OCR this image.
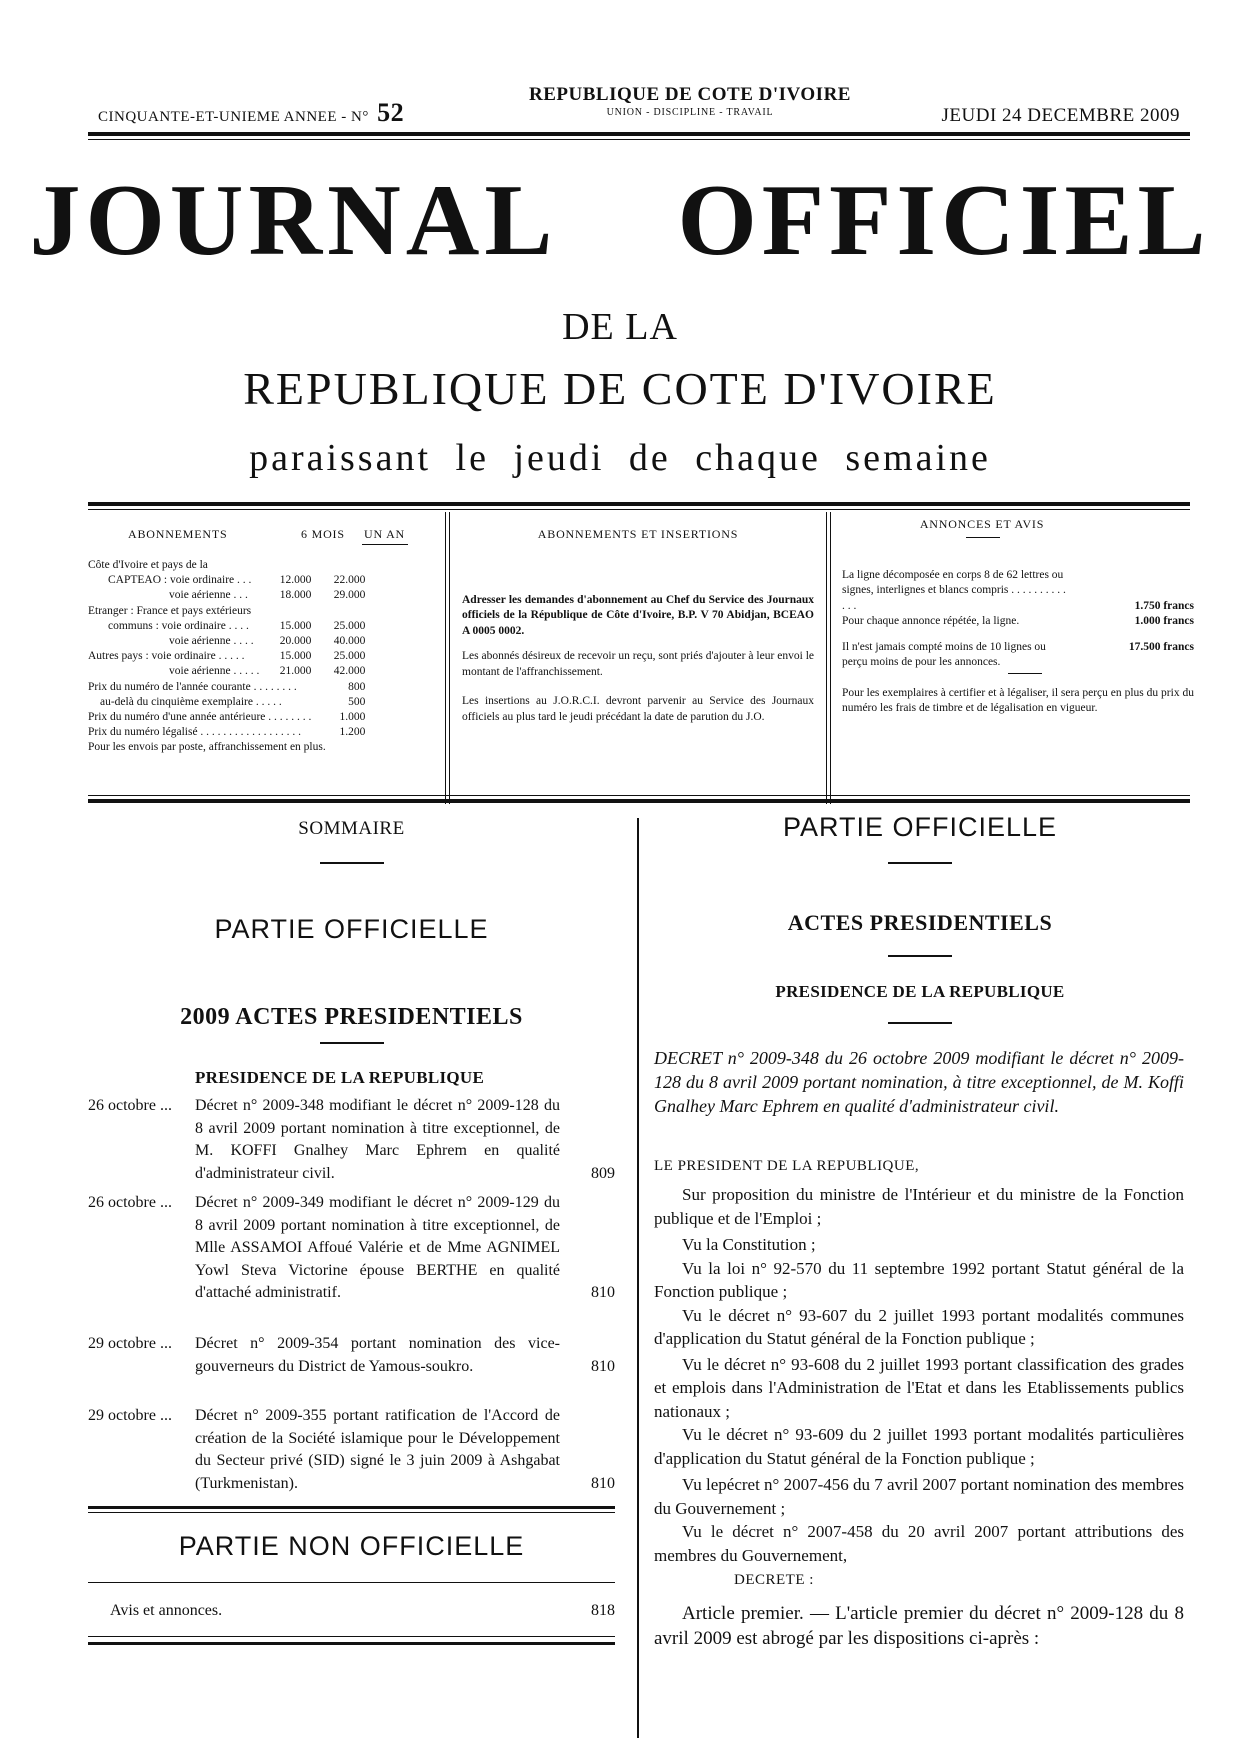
CINQUANTE-ET-UNIEME ANNEE - N° 52
REPUBLIQUE DE COTE D'IVOIRE
UNION - DISCIPLINE - TRAVAIL	JEUDI 24 DECEMBRE 2009
JOURNAL OFFICIEL
DE LA
REPUBLIQUE DE COTE D'IVOIRE
paraissant le jeudi de chaque semaine
ABONNEMENTS	6 MOIS UN AN
Côte d'Ivoire et pays de la		
CAPTEAO : voie ordinaire . . .	12.000	22.000
voie aérienne . . .	18.000	29.000
Etranger : France et pays extérieurs		
communs : voie ordinaire . . . .	15.000	25.000
voie aérienne . . . .	20.000	40.000
Autres pays : voie ordinaire . . . . .	15.000	25.000
voie aérienne . . . . .	21.000	42.000
Prix du numéro de l'année courante . . . . . . . .		800
au-delà du cinquième exemplaire . . . . .		500
Prix du numéro d'une année antérieure . . . . . . . .		1.000
Prix du numéro légalisé . . . . . . . . . . . . . . . . . .		1.200
Pour les envois par poste, affranchissement en plus.
ABONNEMENTS ET INSERTIONS
Adresser les demandes d'abonnement au Chef du Service des Journaux officiels de la République de Côte d'Ivoire, B.P. V 70 Abidjan, BCEAO A 0005 0002.
Les abonnés désireux de recevoir un reçu, sont priés d'ajouter à leur envoi le montant de l'affranchissement.
Les insertions au J.O.R.C.I. devront parvenir au Service des Journaux officiels au plus tard le jeudi précédant la date de parution du J.O.
ANNONCES ET AVIS
La ligne décomposée en corps 8 de 62 lettres ou signes, interlignes et blancs compris . . . . . . . . . . . . .	1.750 francs
Pour chaque annonce répétée, la ligne.	1.000 francs
Il n'est jamais compté moins de 10 lignes ou perçu moins de pour les annonces.
17.500 francs
Pour les exemplaires à certifier et à légaliser, il sera perçu en plus du prix du numéro les frais de timbre et de légalisation en vigueur.
SOMMAIRE
PARTIE OFFICIELLE
2009 ACTES PRESIDENTIELS
PRESIDENCE DE LA REPUBLIQUE
26 octobre ...	Décret n° 2009-348 modifiant le décret n° 2009-128 du 8 avril 2009 portant nomination à titre exceptionnel, de M. KOFFI Gnalhey Marc Ephrem en qualité d'administrateur civil.	809
26 octobre ...	Décret n° 2009-349 modifiant le décret n° 2009-129 du 8 avril 2009 portant nomination à titre exceptionnel, de Mlle ASSAMOI Affoué Valérie et de Mme AGNIMEL Yowl Steva Victorine épouse BERTHE en qualité d'attaché administratif.	810
29 octobre ...	Décret n° 2009-354 portant nomination des vice-gouverneurs du District de Yamous-soukro.	810
29 octobre ...	Décret n° 2009-355 portant ratification de l'Accord de création de la Société islamique pour le Développement du Secteur privé (SID) signé le 3 juin 2009 à Ashgabat (Turkmenistan).	810
PARTIE NON OFFICIELLE
Avis et annonces.	818
PARTIE OFFICIELLE
ACTES PRESIDENTIELS
PRESIDENCE DE LA REPUBLIQUE
DECRET n° 2009-348 du 26 octobre 2009 modifiant le décret n° 2009-128 du 8 avril 2009 portant nomination, à titre exceptionnel, de M. Koffi Gnalhey Marc Ephrem en qualité d'administrateur civil.
LE PRESIDENT DE LA REPUBLIQUE,

Sur proposition du ministre de l'Intérieur et du ministre de la Fonction publique et de l'Emploi ;

Vu la Constitution ;

Vu la loi n° 92-570 du 11 septembre 1992 portant Statut général de la Fonction publique ;

Vu le décret n° 93-607 du 2 juillet 1993 portant modalités communes d'application du Statut général de la Fonction publique ;

Vu le décret n° 93-608 du 2 juillet 1993 portant classification des grades et emplois dans l'Administration de l'Etat et dans les Etablissements publics nationaux ;

Vu le décret n° 93-609 du 2 juillet 1993 portant modalités particulières d'application du Statut général de la Fonction publique ;

Vu lepécret n° 2007-456 du 7 avril 2007 portant nomination des membres du Gouvernement ;

Vu le décret n° 2007-458 du 20 avril 2007 portant attributions des membres du Gouvernement,

DECRETE :

Article premier. — L'article premier du décret n° 2009-128 du 8 avril 2009 est abrogé par les dispositions ci-après :
